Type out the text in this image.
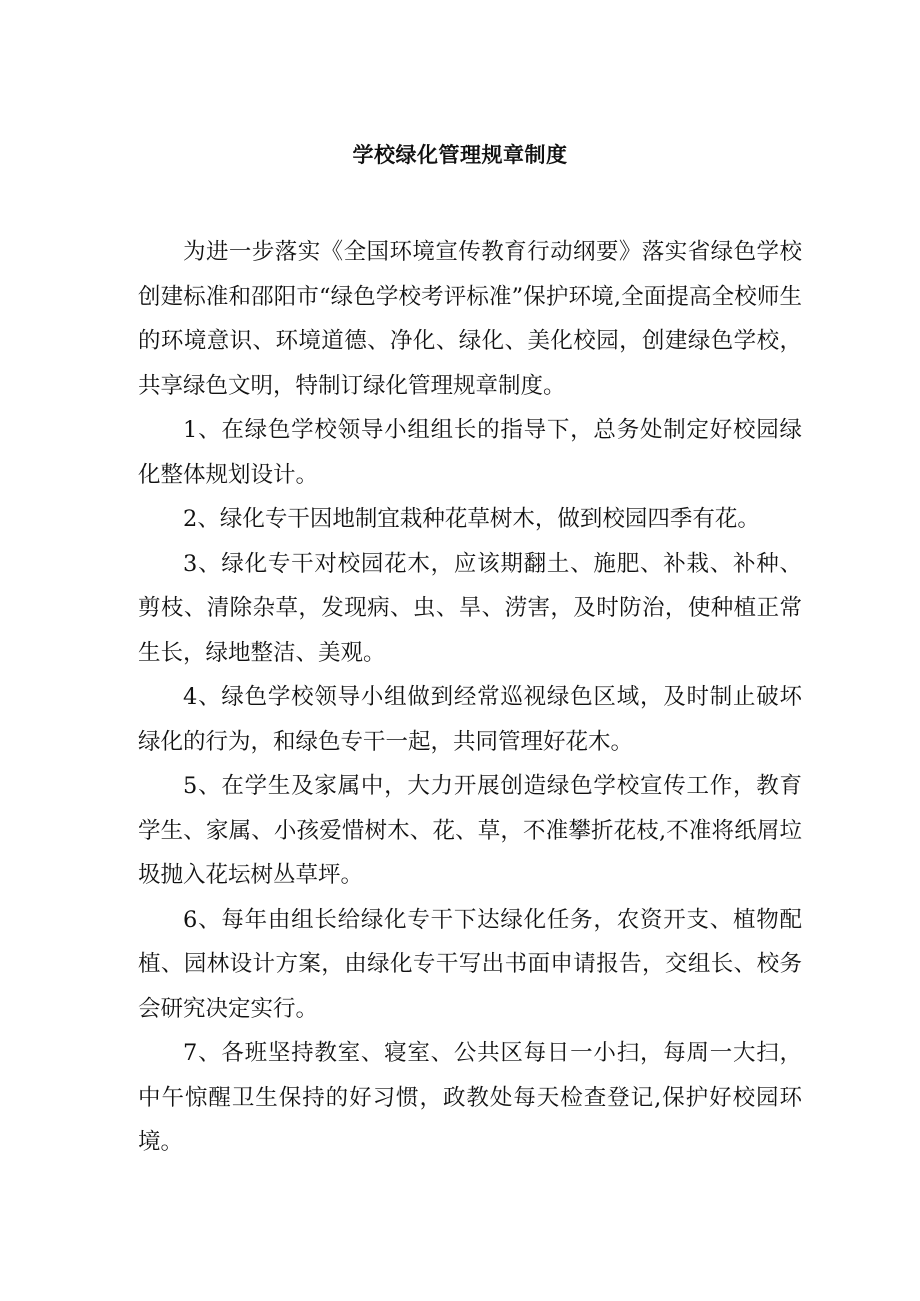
学校绿化管理规章制度

为进一步落实《全国环境宣传教育行动纲要》落实省绿色学校创建标准和邵阳市“绿色学校考评标准”保护环境,全面提高全校师生的环境意识、环境道德、净化、绿化、美化校园，创建绿色学校，共享绿色文明，特制订绿化管理规章制度。

1、在绿色学校领导小组组长的指导下，总务处制定好校园绿化整体规划设计。

2、绿化专干因地制宜栽种花草树木，做到校园四季有花。

3、绿化专干对校园花木，应该期翻土、施肥、补栽、补种、剪枝、清除杂草，发现病、虫、旱、涝害，及时防治，使种植正常生长，绿地整洁、美观。

4、绿色学校领导小组做到经常巡视绿色区域，及时制止破坏绿化的行为，和绿色专干一起，共同管理好花木。

5、在学生及家属中，大力开展创造绿色学校宣传工作，教育学生、家属、小孩爱惜树木、花、草，不准攀折花枝,不准将纸屑垃圾抛入花坛树丛草坪。

6、每年由组长给绿化专干下达绿化任务，农资开支、植物配植、园林设计方案，由绿化专干写出书面申请报告，交组长、校务会研究决定实行。

7、各班坚持教室、寝室、公共区每日一小扫，每周一大扫，中午惊醒卫生保持的好习惯，政教处每天检查登记,保护好校园环境。
